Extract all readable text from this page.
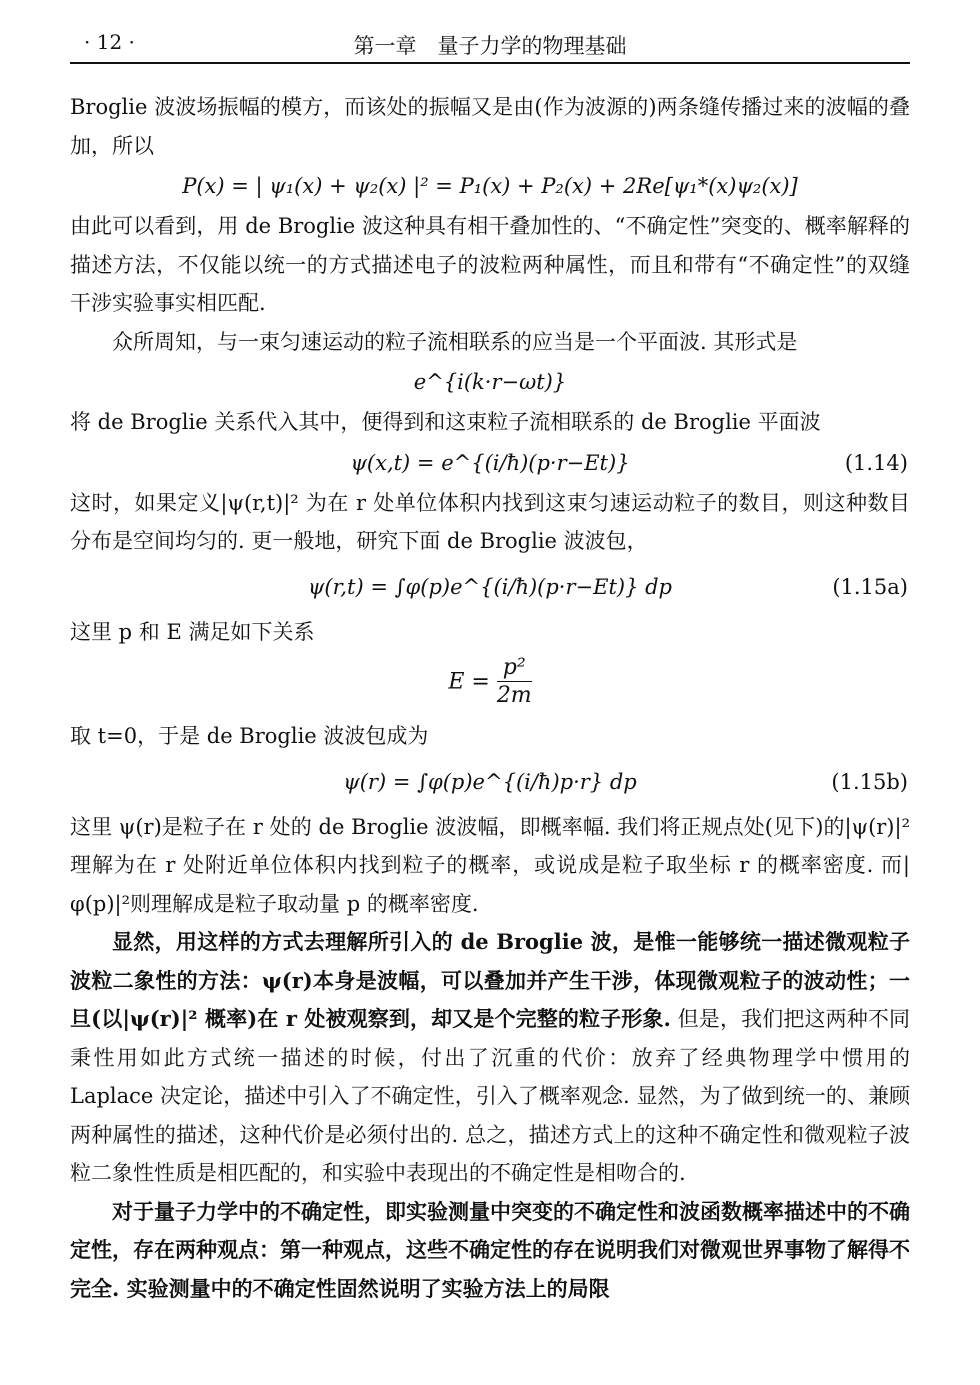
· 12 ·	第一章　量子力学的物理基础

Broglie 波波场振幅的模方，而该处的振幅又是由(作为波源的)两条缝传播过来的波幅的叠加，所以

P(x) = | ψ₁(x) + ψ₂(x) |² = P₁(x) + P₂(x) + 2Re[ψ₁*(x)ψ₂(x)]

由此可以看到，用 de Broglie 波这种具有相干叠加性的、“不确定性”突变的、概率解释的描述方法，不仅能以统一的方式描述电子的波粒两种属性，而且和带有“不确定性”的双缝干涉实验事实相匹配.

众所周知，与一束匀速运动的粒子流相联系的应当是一个平面波. 其形式是

e^{i(k·r−ωt)}

将 de Broglie 关系代入其中，便得到和这束粒子流相联系的 de Broglie 平面波

ψ(x,t) = e^{(i/ħ)(p·r−Et)}	(1.14)

这时，如果定义|ψ(r,t)|² 为在 r 处单位体积内找到这束匀速运动粒子的数目，则这种数目分布是空间均匀的. 更一般地，研究下面 de Broglie 波波包，

ψ(r,t) = ∫φ(p)e^{(i/ħ)(p·r−Et)} dp	(1.15a)

这里 p 和 E 满足如下关系

$E = \frac{\text{p²}}{2m}$

取 t=0，于是 de Broglie 波波包成为

ψ(r) = ∫φ(p)e^{(i/ħ)p·r} dp	(1.15b)

这里 ψ(r)是粒子在 r 处的 de Broglie 波波幅，即概率幅. 我们将正规点处(见下)的|ψ(r)|² 理解为在 r 处附近单位体积内找到粒子的概率，或说成是粒子取坐标 r 的概率密度. 而|φ(p)|²则理解成是粒子取动量 p 的概率密度.

显然，用这样的方式去理解所引入的 de Broglie 波，是惟一能够统一描述微观粒子波粒二象性的方法：ψ(r)本身是波幅，可以叠加并产生干涉，体现微观粒子的波动性；一旦(以|ψ(r)|² 概率)在 r 处被观察到，却又是个完整的粒子形象. 但是，我们把这两种不同秉性用如此方式统一描述的时候，付出了沉重的代价：放弃了经典物理学中惯用的 Laplace 决定论，描述中引入了不确定性，引入了概率观念. 显然，为了做到统一的、兼顾两种属性的描述，这种代价是必须付出的. 总之，描述方式上的这种不确定性和微观粒子波粒二象性性质是相匹配的，和实验中表现出的不确定性是相吻合的.

对于量子力学中的不确定性，即实验测量中突变的不确定性和波函数概率描述中的不确定性，存在两种观点：第一种观点，这些不确定性的存在说明我们对微观世界事物了解得不完全. 实验测量中的不确定性固然说明了实验方法上的局限
